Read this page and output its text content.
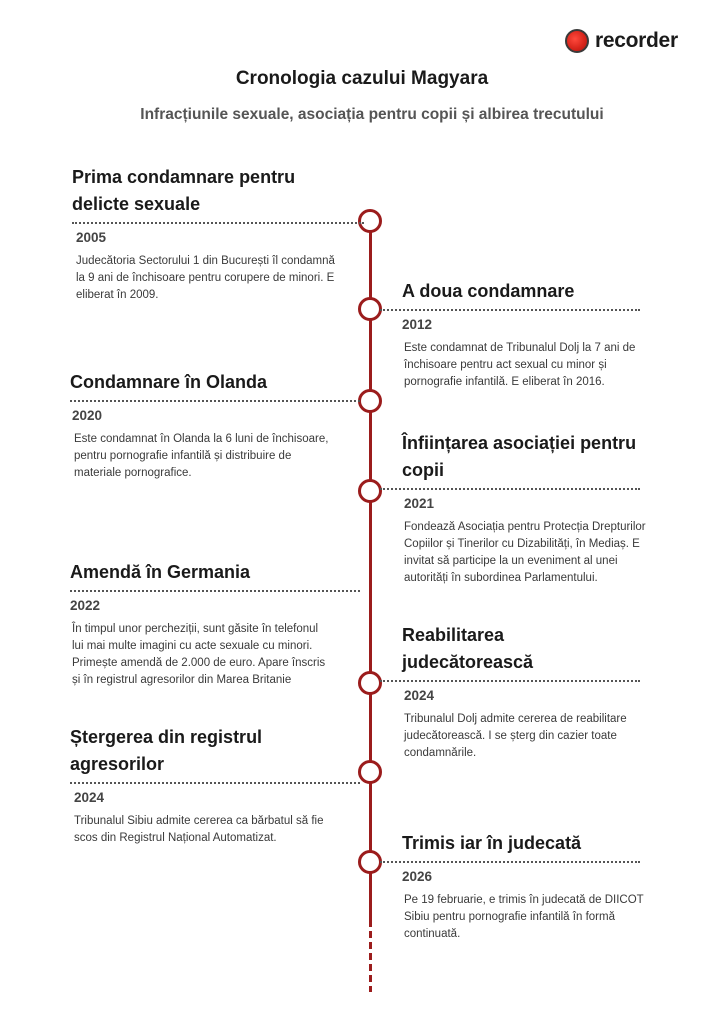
recorder
Cronologia cazului Magyara
Infracțiunile sexuale, asociația pentru copii și albirea trecutului
Prima condamnare pentru delicte sexuale
2005

Judecătoria Sectorului 1 din București îl condamnă la 9 ani de închisoare pentru corupere de minori. E eliberat în 2009.	A doua condamnare
2012

Este condamnat de Tribunalul Dolj la 7 ani de închisoare pentru act sexual cu minor și pornografie infantilă. E eliberat în 2016.

Condamnare în Olanda
2020

Este condamnat în Olanda la 6 luni de închisoare, pentru pornografie infantilă și distribuire de materiale pornografice.

Înființarea asociației pentru copii
2021

Fondează Asociația pentru Protecția Drepturilor Copiilor și Tinerilor cu Dizabilități, în Mediaș. E invitat să participe la un eveniment al unei autorități în subordinea Parlamentului.

Amendă în Germania
2022

În timpul unor percheziții, sunt găsite în telefonul lui mai multe imagini cu acte sexuale cu minori. Primește amendă de 2.000 de euro. Apare înscris și în registrul agresorilor din Marea Britanie

Reabilitarea judecătorească
2024

Tribunalul Dolj admite cererea de reabilitare judecătorească. I se șterg din cazier toate condamnările.

Ștergerea din registrul agresorilor
2024

Tribunalul Sibiu admite cererea ca bărbatul să fie scos din Registrul Național Automatizat.	Trimis iar în judecată
2026

Pe 19 februarie, e trimis în judecată de DIICOT Sibiu pentru pornografie infantilă în formă continuată.
